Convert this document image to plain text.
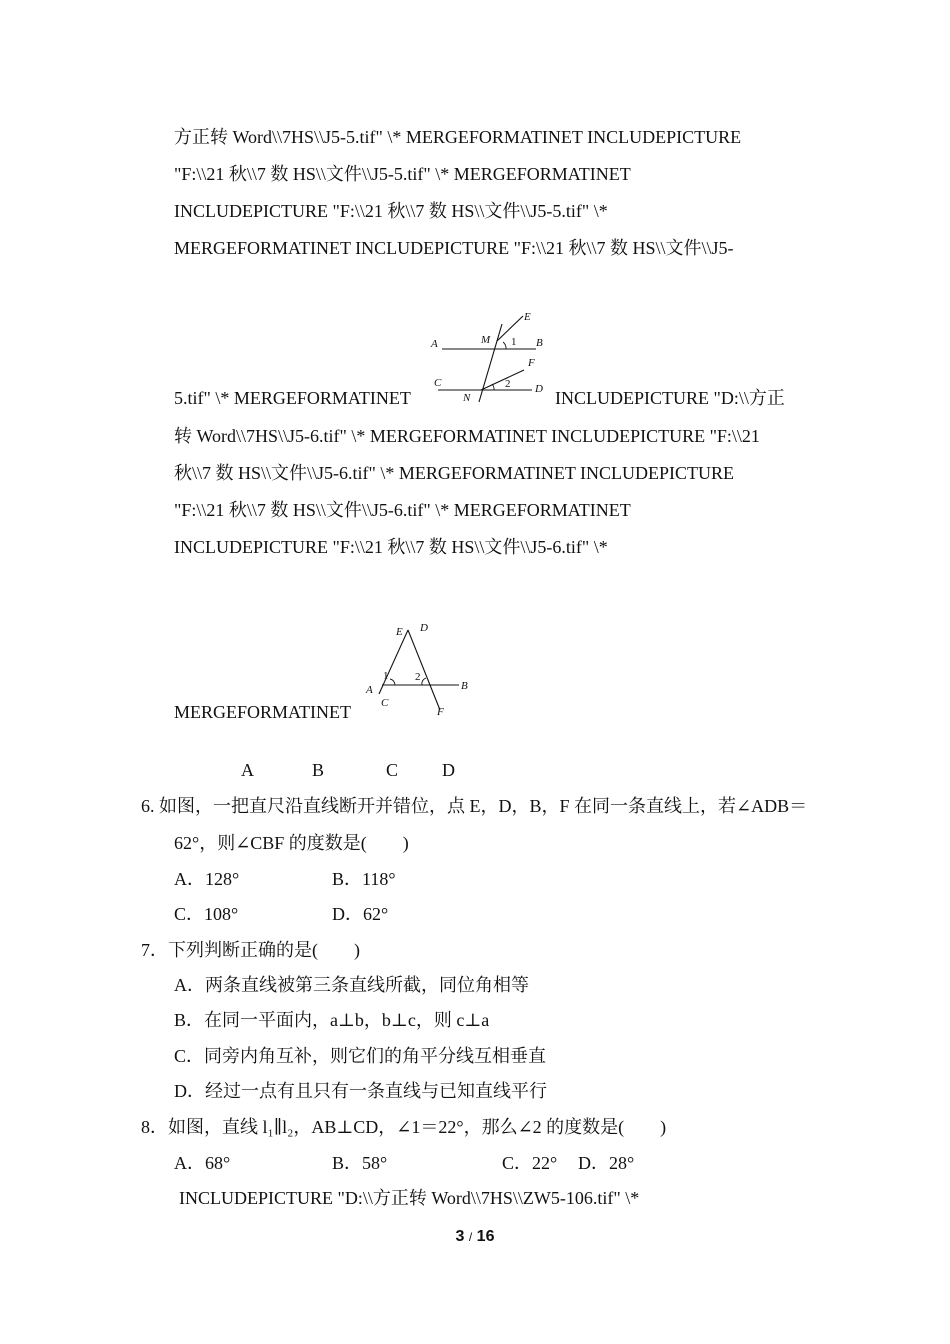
方正转 Word\\7HS\\J5-5.tif" \* MERGEFORMATINET INCLUDEPICTURE
"F:\\21 秋\\7 数 HS\\文件\\J5-5.tif" \* MERGEFORMATINET
INCLUDEPICTURE "F:\\21 秋\\7 数 HS\\文件\\J5-5.tif" \*
MERGEFORMATINET INCLUDEPICTURE "F:\\21 秋\\7 数 HS\\文件\\J5-
A	B
C	D
E
F
M
N
1
2
5.tif" \* MERGEFORMATINET	INCLUDEPICTURE "D:\\方正
转 Word\\7HS\\J5-6.tif" \* MERGEFORMATINET INCLUDEPICTURE "F:\\21
秋\\7 数 HS\\文件\\J5-6.tif" \* MERGEFORMATINET INCLUDEPICTURE
"F:\\21 秋\\7 数 HS\\文件\\J5-6.tif" \* MERGEFORMATINET
INCLUDEPICTURE "F:\\21 秋\\7 数 HS\\文件\\J5-6.tif" \*
E D
A	B
C
F
1 2
MERGEFORMATINET
A	B	C D
6. 如图，一把直尺沿直线断开并错位，点 E，D，B，F 在同一条直线上，若∠ADB＝
62°，则∠CBF 的度数是(　　)
A．128°	B．118°
C．108°	D．62°
7．下列判断正确的是(　　)
A．两条直线被第三条直线所截，同位角相等
B．在同一平面内，a⊥b，b⊥c，则 c⊥a
C．同旁内角互补，则它们的角平分线互相垂直
D．经过一点有且只有一条直线与已知直线平行
8．如图，直线 l₁∥l₂，AB⊥CD，∠1＝22°，那么∠2 的度数是(　　)
A．68°	B．58°	C．22° D．28°
INCLUDEPICTURE "D:\\方正转 Word\\7HS\\ZW5-106.tif" \*
3 / 16
